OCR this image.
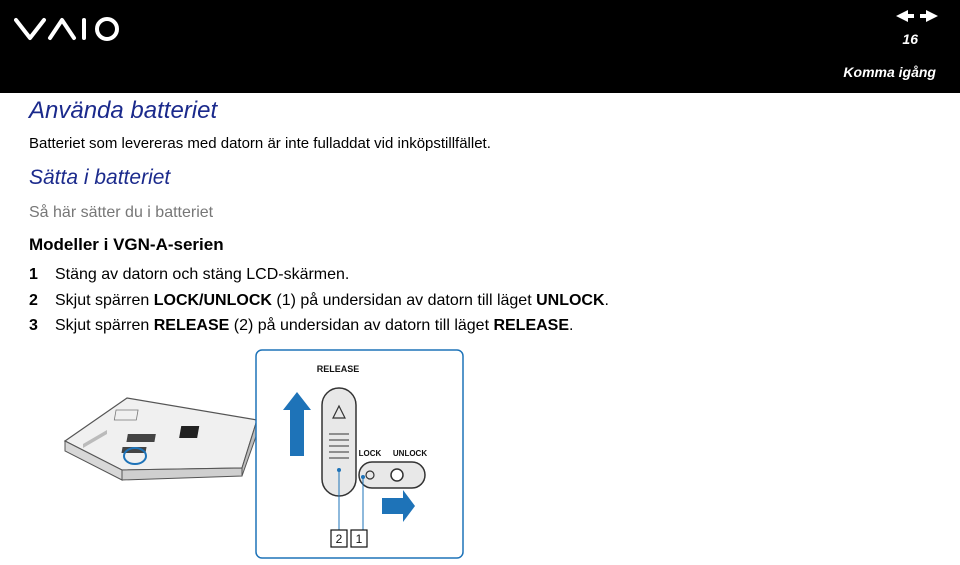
16
Komma igång
Använda batteriet
Batteriet som levereras med datorn är inte fulladdat vid inköpstillfället.
Sätta i batteriet
Så här sätter du i batteriet
Modeller i VGN-A-serien
1 Stäng av datorn och stäng LCD-skärmen.
2 Skjut spärren LOCK/UNLOCK (1) på undersidan av datorn till läget UNLOCK.
3 Skjut spärren RELEASE (2) på undersidan av datorn till läget RELEASE.
RELEASE
LOCK UNLOCK
2 1
